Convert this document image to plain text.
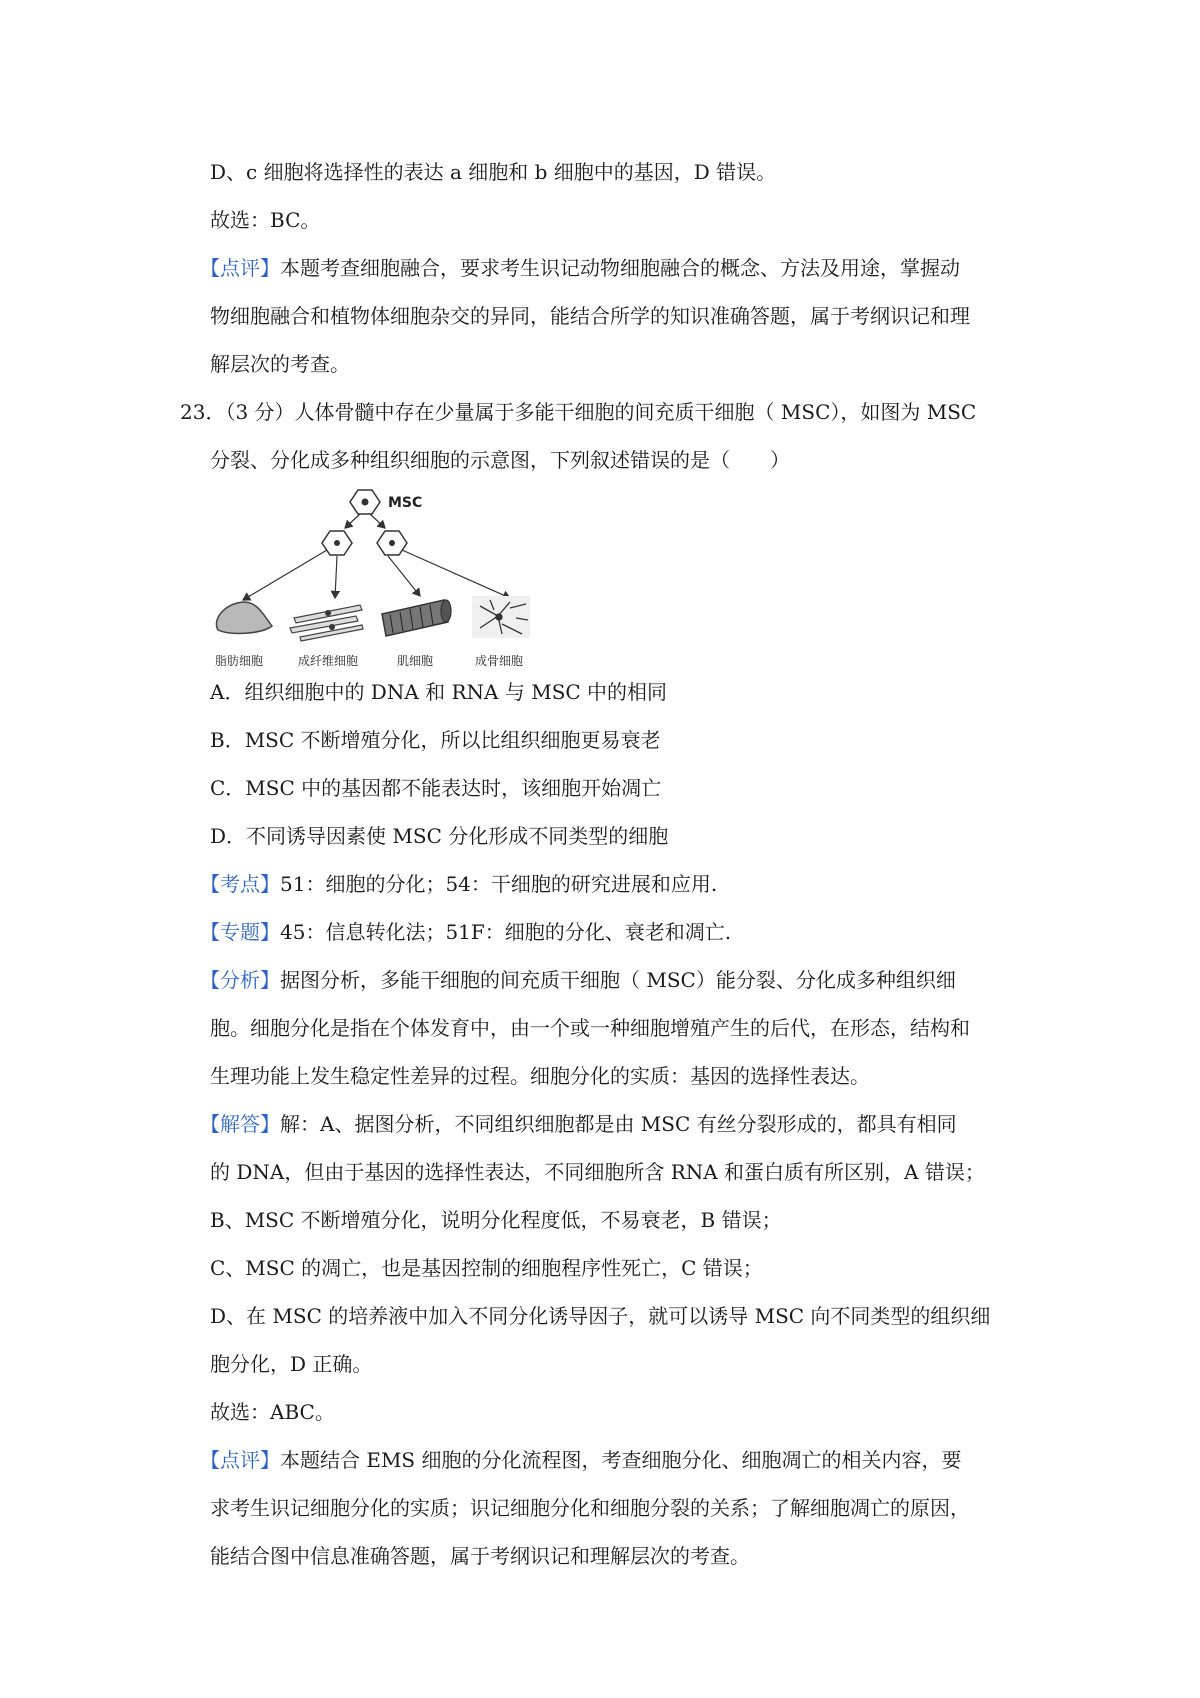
D、c 细胞将选择性的表达 a 细胞和 b 细胞中的基因，D 错误。
故选：BC。
【点评】本题考查细胞融合，要求考生识记动物细胞融合的概念、方法及用途，掌握动
物细胞融合和植物体细胞杂交的异同，能结合所学的知识准确答题，属于考纲识记和理
解层次的考查。
23．（3 分）人体骨髓中存在少量属于多能干细胞的间充质干细胞（ MSC），如图为 MSC
分裂、分化成多种组织细胞的示意图，下列叙述错误的是（　　）
MSC
脂肪细胞	成纤维细胞	肌细胞	成骨细胞
A．组织细胞中的 DNA 和 RNA 与 MSC 中的相同
B．MSC 不断增殖分化，所以比组织细胞更易衰老
C．MSC 中的基因都不能表达时，该细胞开始凋亡
D．不同诱导因素使 MSC 分化形成不同类型的细胞
【考点】51：细胞的分化；54：干细胞的研究进展和应用.
【专题】45：信息转化法；51F：细胞的分化、衰老和凋亡.
【分析】据图分析，多能干细胞的间充质干细胞（ MSC）能分裂、分化成多种组织细
胞。细胞分化是指在个体发育中，由一个或一种细胞增殖产生的后代，在形态，结构和
生理功能上发生稳定性差异的过程。细胞分化的实质：基因的选择性表达。
【解答】解：A、据图分析，不同组织细胞都是由 MSC 有丝分裂形成的，都具有相同
的 DNA，但由于基因的选择性表达，不同细胞所含 RNA 和蛋白质有所区别，A 错误；
B、MSC 不断增殖分化，说明分化程度低，不易衰老，B 错误；
C、MSC 的凋亡，也是基因控制的细胞程序性死亡，C 错误；
D、在 MSC 的培养液中加入不同分化诱导因子，就可以诱导 MSC 向不同类型的组织细
胞分化，D 正确。
故选：ABC。
【点评】本题结合 EMS 细胞的分化流程图，考查细胞分化、细胞凋亡的相关内容，要
求考生识记细胞分化的实质；识记细胞分化和细胞分裂的关系；了解细胞凋亡的原因，
能结合图中信息准确答题，属于考纲识记和理解层次的考查。
